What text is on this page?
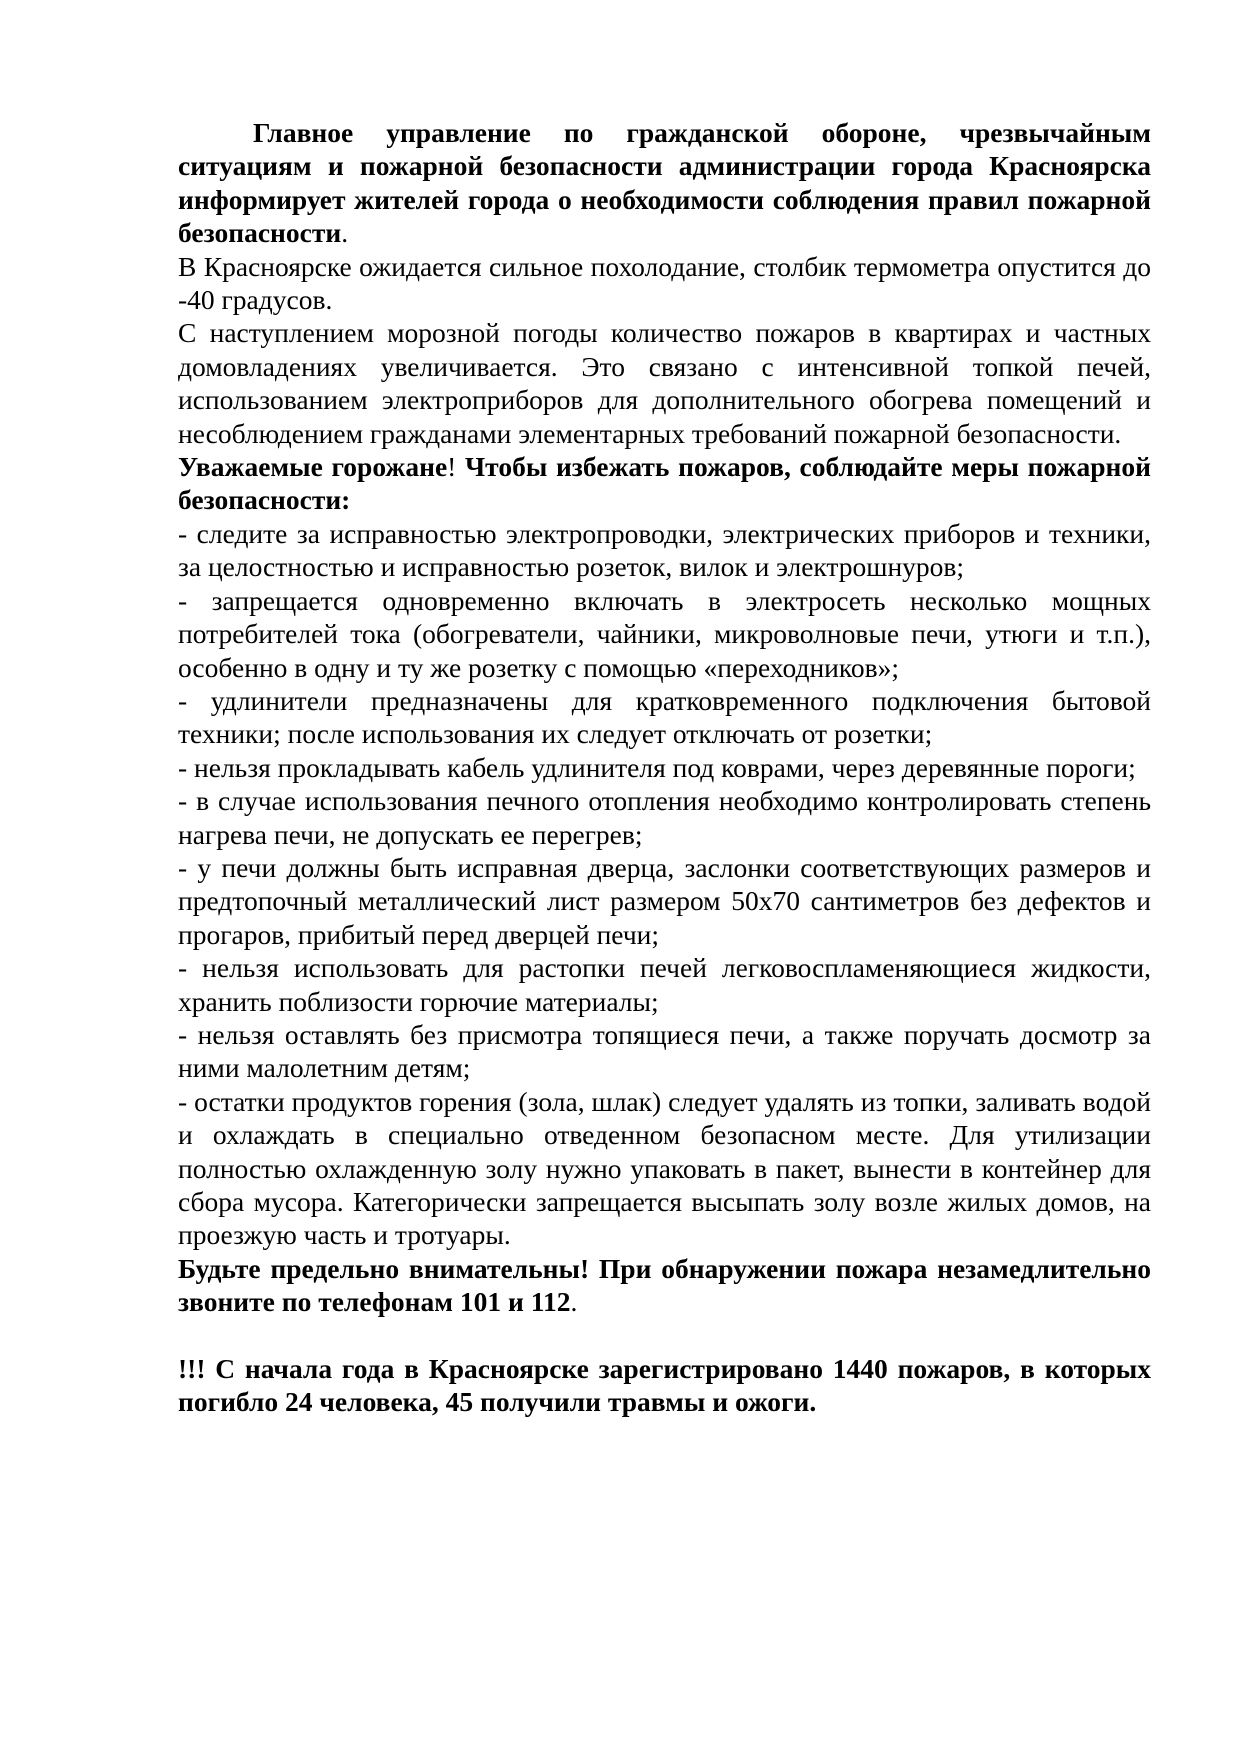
Главное управление по гражданской обороне, чрезвычайным ситуациям и пожарной безопасности администрации города Красноярска информирует жителей города о необходимости соблюдения правил пожарной безопасности.

В Красноярске ожидается сильное похолодание, столбик термометра опустится до -40 градусов.

С наступлением морозной погоды количество пожаров в квартирах и частных домовладениях увеличивается. Это связано с интенсивной топкой печей, использованием электроприборов для дополнительного обогрева помещений и несоблюдением гражданами элементарных требований пожарной безопасности.

Уважаемые горожане! Чтобы избежать пожаров, соблюдайте меры пожарной безопасности:

- следите за исправностью электропроводки, электрических приборов и техники, за целостностью и исправностью розеток, вилок и электрошнуров;

- запрещается одновременно включать в электросеть несколько мощных потребителей тока (обогреватели, чайники, микроволновые печи, утюги и т.п.), особенно в одну и ту же розетку с помощью «переходников»;

- удлинители предназначены для кратковременного подключения бытовой техники; после использования их следует отключать от розетки;

- нельзя прокладывать кабель удлинителя под коврами, через деревянные пороги;

- в случае использования печного отопления необходимо контролировать степень нагрева печи, не допускать ее перегрев;

- у печи должны быть исправная дверца, заслонки соответствующих размеров и предтопочный металлический лист размером 50х70 сантиметров без дефектов и прогаров, прибитый перед дверцей печи;

- нельзя использовать для растопки печей легковоспламеняющиеся жидкости, хранить поблизости горючие материалы;

- нельзя оставлять без присмотра топящиеся печи, а также поручать досмотр за ними малолетним детям;

- остатки продуктов горения (зола, шлак) следует удалять из топки, заливать водой и охлаждать в специально отведенном безопасном месте. Для утилизации полностью охлажденную золу нужно упаковать в пакет, вынести в контейнер для сбора мусора. Категорически запрещается высыпать золу возле жилых домов, на проезжую часть и тротуары.

Будьте предельно внимательны! При обнаружении пожара незамедлительно звоните по телефонам 101 и 112.

!!! С начала года в Красноярске зарегистрировано 1440 пожаров, в которых погибло 24 человека, 45 получили травмы и ожоги.
